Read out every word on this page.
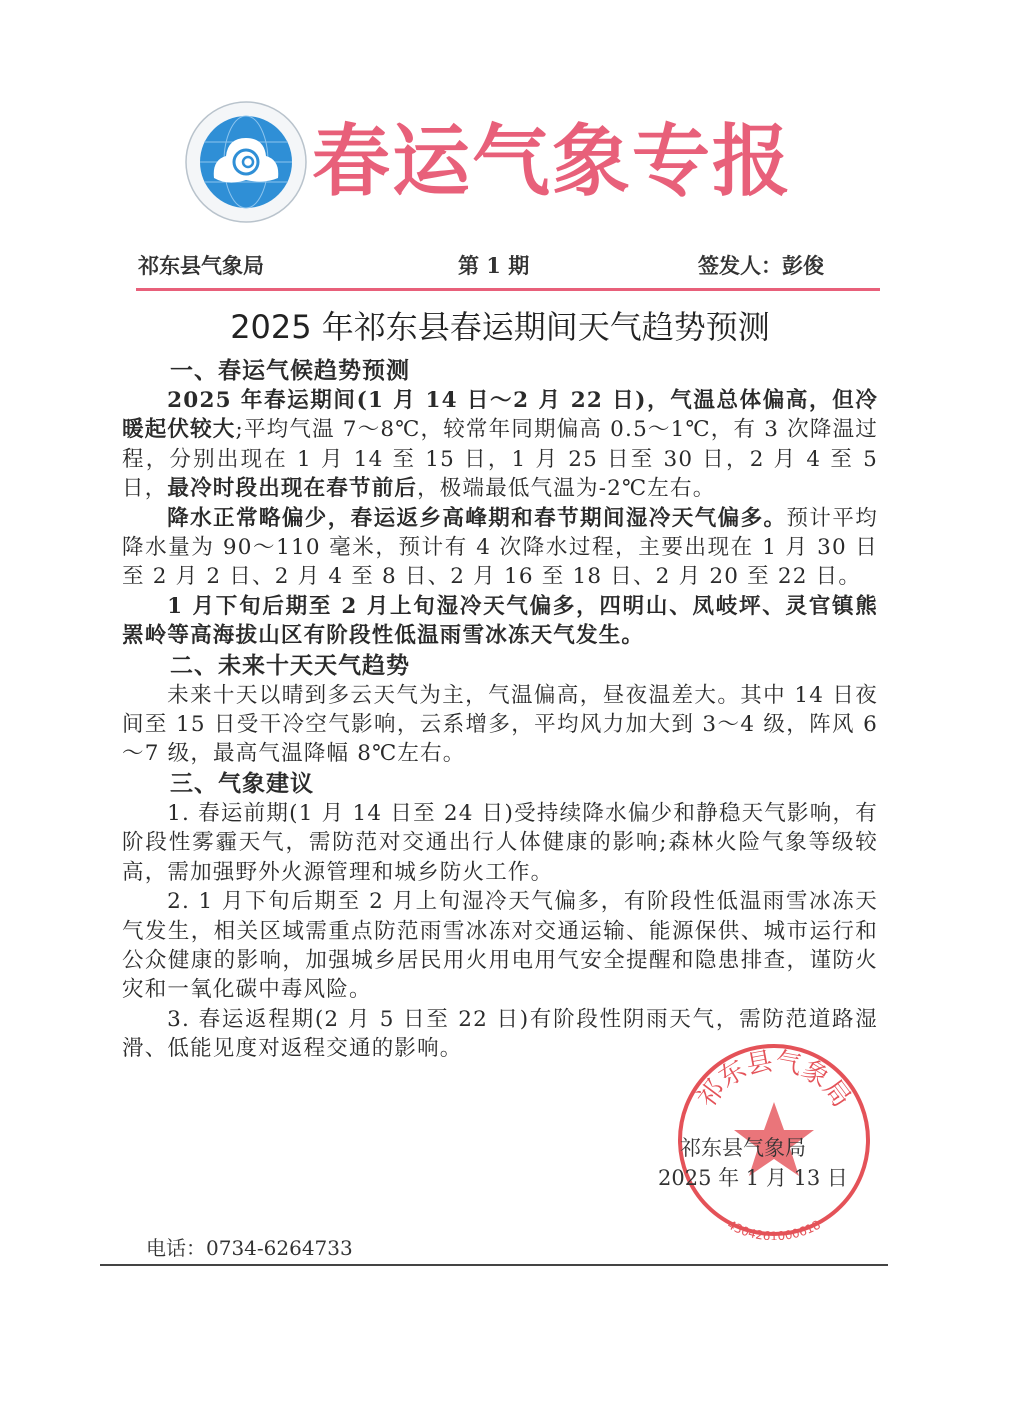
春运气象专报
祁东县气象局	第 1 期	签发人：彭俊
2025 年祁东县春运期间天气趋势预测
一、春运气候趋势预测

2025 年春运期间(1 月 14 日～2 月 22 日)，气温总体偏高，但冷暖起伏较大;平均气温 7～8℃，较常年同期偏高 0.5～1℃，有 3 次降温过程，分别出现在 1 月 14 至 15 日，1 月 25 日至 30 日，2 月 4 至 5 日，最冷时段出现在春节前后，极端最低气温为-2℃左右。

降水正常略偏少，春运返乡高峰期和春节期间湿冷天气偏多。预计平均降水量为 90～110 毫米，预计有 4 次降水过程，主要出现在 1 月 30 日至 2 月 2 日、2 月 4 至 8 日、2 月 16 至 18 日、2 月 20 至 22 日。

1 月下旬后期至 2 月上旬湿冷天气偏多，四明山、凤岐坪、灵官镇熊罴岭等高海拔山区有阶段性低温雨雪冰冻天气发生。

二、未来十天天气趋势

未来十天以晴到多云天气为主，气温偏高，昼夜温差大。其中 14 日夜间至 15 日受干冷空气影响，云系增多，平均风力加大到 3～4 级，阵风 6～7 级，最高气温降幅 8℃左右。

三、气象建议

1. 春运前期(1 月 14 日至 24 日)受持续降水偏少和静稳天气影响，有阶段性雾霾天气，需防范对交通出行人体健康的影响;森林火险气象等级较高，需加强野外火源管理和城乡防火工作。

2. 1 月下旬后期至 2 月上旬湿冷天气偏多，有阶段性低温雨雪冰冻天气发生，相关区域需重点防范雨雪冰冻对交通运输、能源保供、城市运行和公众健康的影响，加强城乡居民用火用电用气安全提醒和隐患排查，谨防火灾和一氧化碳中毒风险。

3. 春运返程期(2 月 5 日至 22 日)有阶段性阴雨天气，需防范道路湿滑、低能见度对返程交通的影响。

祁东县气象局
4304261000618
祁东县气象局
2025 年 1 月 13 日
电话：0734-6264733
